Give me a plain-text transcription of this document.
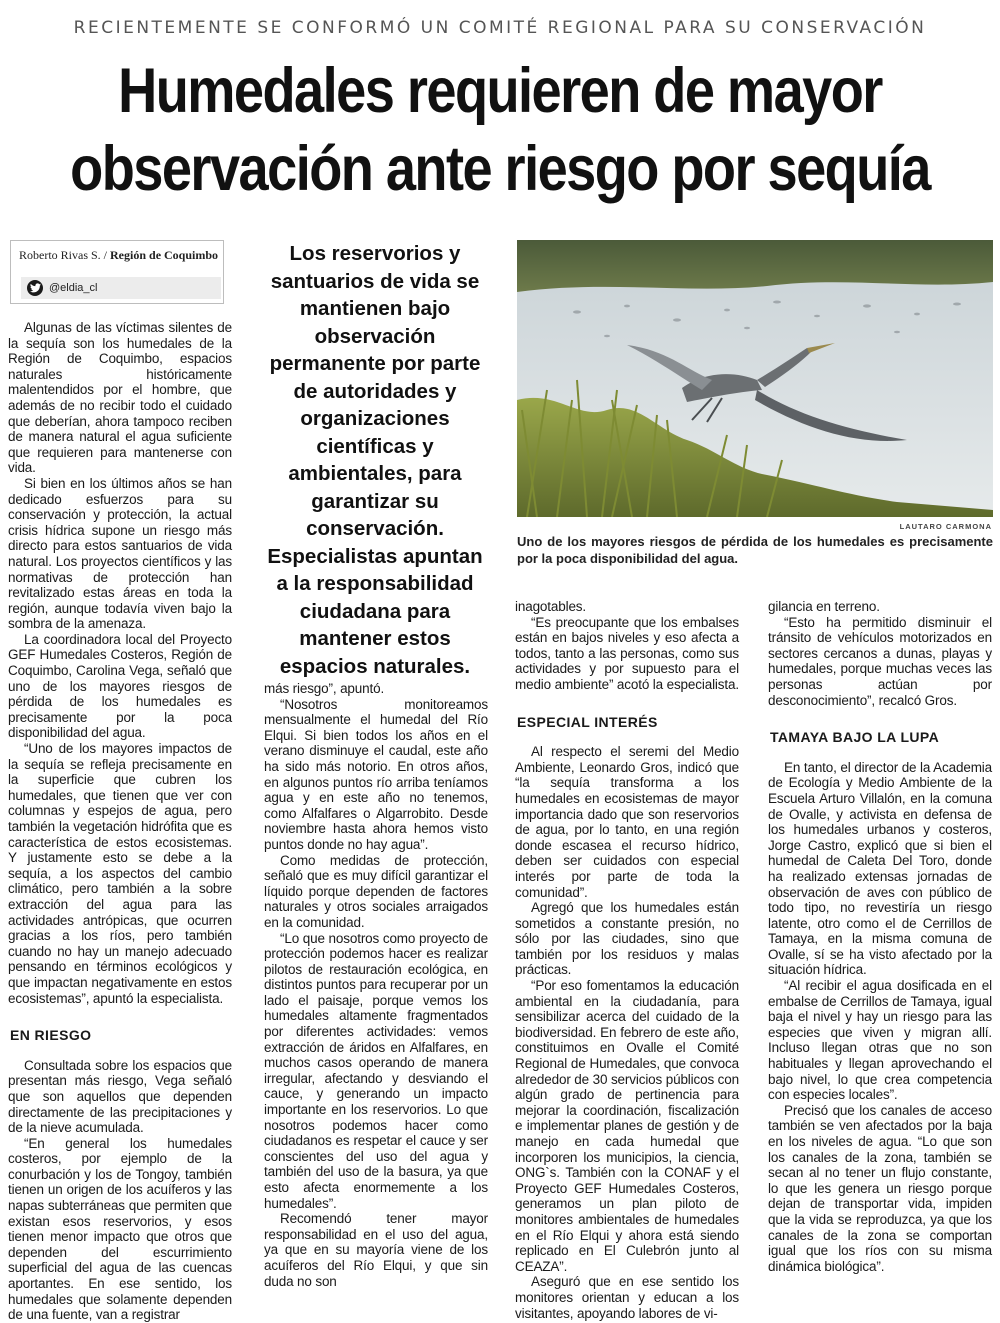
RECIENTEMENTE SE CONFORMÓ UN COMITÉ REGIONAL PARA SU CONSERVACIÓN
Humedales requieren de mayor
observación ante riesgo por sequía
Roberto Rivas S. / Región de Coquimbo
@eldia_cl
Los reservorios y santuarios de vida se mantienen bajo observación permanente por parte de autoridades y organizaciones científicas y ambientales, para garantizar su conservación. Especialistas apuntan a la responsabilidad ciudadana para mantener estos espacios naturales.
LAUTARO CARMONA
Uno de los mayores riesgos de pérdida de los humedales es precisamente por la poca disponibilidad del agua.

Algunas de las víctimas silentes de la sequía son los humedales de la Región de Coquimbo, espacios naturales históricamente malentendidos por el hombre, que además de no recibir todo el cuidado que deberían, ahora tampoco reciben de manera natural el agua suficiente que requieren para mantenerse con vida.

Si bien en los últimos años se han dedicado esfuerzos para su conservación y protección, la actual crisis hídrica supone un riesgo más directo para estos santuarios de vida natural. Los proyectos científicos y las normativas de protección han revitalizado estas áreas en toda la región, aunque todavía viven bajo la sombra de la amenaza.

La coordinadora local del Proyecto GEF Humedales Costeros, Región de Coquimbo, Carolina Vega, señaló que uno de los mayores riesgos de pérdida de los humedales es precisamente por la poca disponibilidad del agua.

“Uno de los mayores impactos de la sequía se refleja precisamente en la superficie que cubren los humedales, que tienen que ver con columnas y espejos de agua, pero también la vegetación hidrófita que es característica de estos ecosistemas. Y justamente esto se debe a la sequía, a los aspectos del cambio climático, pero también a la sobre extracción del agua para las actividades antrópicas, que ocurren gracias a los ríos, pero también cuando no hay un manejo adecuado pensando en términos ecológicos y que impactan negativamente en estos ecosistemas”, apuntó la especialista.

EN RIESGO

Consultada sobre los espacios que presentan más riesgo, Vega señaló que son aquellos que dependen directamente de las precipitaciones y de la nieve acumulada.

“En general los humedales costeros, por ejemplo de la conurbación y los de Tongoy, también tienen un origen de los acuíferos y las napas subterráneas que permiten que existan esos reservorios, y esos tienen menor impacto que otros que dependen del escurrimiento superficial del agua de las cuencas aportantes. En ese sentido, los humedales que solamente dependen de una fuente, van a registrar

más riesgo”, apuntó.

“Nosotros monitoreamos mensualmente el humedal del Río Elqui. Si bien todos los años en el verano disminuye el caudal, este año ha sido más notorio. En otros años, en algunos puntos río arriba teníamos agua y en este año no tenemos, como Alfalfares o Algarrobito. Desde noviembre hasta ahora hemos visto puntos donde no hay agua”.

Como medidas de protección, señaló que es muy difícil garantizar el líquido porque dependen de factores naturales y otros sociales arraigados en la comunidad.

“Lo que nosotros como proyecto de protección podemos hacer es realizar pilotos de restauración ecológica, en distintos puntos para recuperar por un lado el paisaje, porque vemos los humedales altamente fragmentados por diferentes actividades: vemos extracción de áridos en Alfalfares, en muchos casos operando de manera irregular, afectando y desviando el cauce, y generando un impacto importante en los reservorios. Lo que nosotros podemos hacer como ciudadanos es respetar el cauce y ser conscientes del uso del agua y también del uso de la basura, ya que esto afecta enormemente a los humedales”.

Recomendó tener mayor responsabilidad en el uso del agua, ya que en su mayoría viene de los acuíferos del Río Elqui, y que sin duda no son

inagotables.

“Es preocupante que los embalses están en bajos niveles y eso afecta a todos, tanto a las personas, como sus actividades y por supuesto para el medio ambiente” acotó la especialista.

ESPECIAL INTERÉS

Al respecto el seremi del Medio Ambiente, Leonardo Gros, indicó que “la sequía transforma a los humedales en ecosistemas de mayor importancia dado que son reservorios de agua, por lo tanto, en una región donde escasea el recurso hídrico, deben ser cuidados con especial interés por parte de toda la comunidad”.

Agregó que los humedales están sometidos a constante presión, no sólo por las ciudades, sino que también por los residuos y malas prácticas.

“Por eso fomentamos la educación ambiental en la ciudadanía, para sensibilizar acerca del cuidado de la biodiversidad. En febrero de este año, constituimos en Ovalle el Comité Regional de Humedales, que convoca alrededor de 30 servicios públicos con algún grado de pertinencia para mejorar la coordinación, fiscalización e implementar planes de gestión y de manejo en cada humedal que incorporen los municipios, la ciencia, ONG`s. También con la CONAF y el Proyecto GEF Humedales Costeros, generamos un plan piloto de monitores ambientales de humedales en el Río Elqui y ahora está siendo replicado en El Culebrón junto al CEAZA”.

Aseguró que en ese sentido los monitores orientan y educan a los visitantes, apoyando labores de vi-

gilancia en terreno.

“Esto ha permitido disminuir el tránsito de vehículos motorizados en sectores cercanos a dunas, playas y humedales, porque muchas veces las personas actúan por desconocimiento”, recalcó Gros.

TAMAYA BAJO LA LUPA

En tanto, el director de la Academia de Ecología y Medio Ambiente de la Escuela Arturo Villalón, en la comuna de Ovalle, y activista en defensa de los humedales urbanos y costeros, Jorge Castro, explicó que si bien el humedal de Caleta Del Toro, donde ha realizado extensas jornadas de observación de aves con público de todo tipo, no revestiría un riesgo latente, otro como el de Cerrillos de Tamaya, en la misma comuna de Ovalle, sí se ha visto afectado por la situación hídrica.

“Al recibir el agua dosificada en el embalse de Cerrillos de Tamaya, igual baja el nivel y hay un riesgo para las especies que viven y migran allí. Incluso llegan otras que no son habituales y llegan aprovechando el bajo nivel, lo que crea competencia con especies locales”.

Precisó que los canales de acceso también se ven afectados por la baja en los niveles de agua. “Lo que son los canales de la zona, también se secan al no tener un flujo constante, lo que les genera un riesgo porque dejan de transportar vida, impiden que la vida se reproduzca, ya que los canales de la zona se comportan igual que los ríos con su misma dinámica biológica”.
